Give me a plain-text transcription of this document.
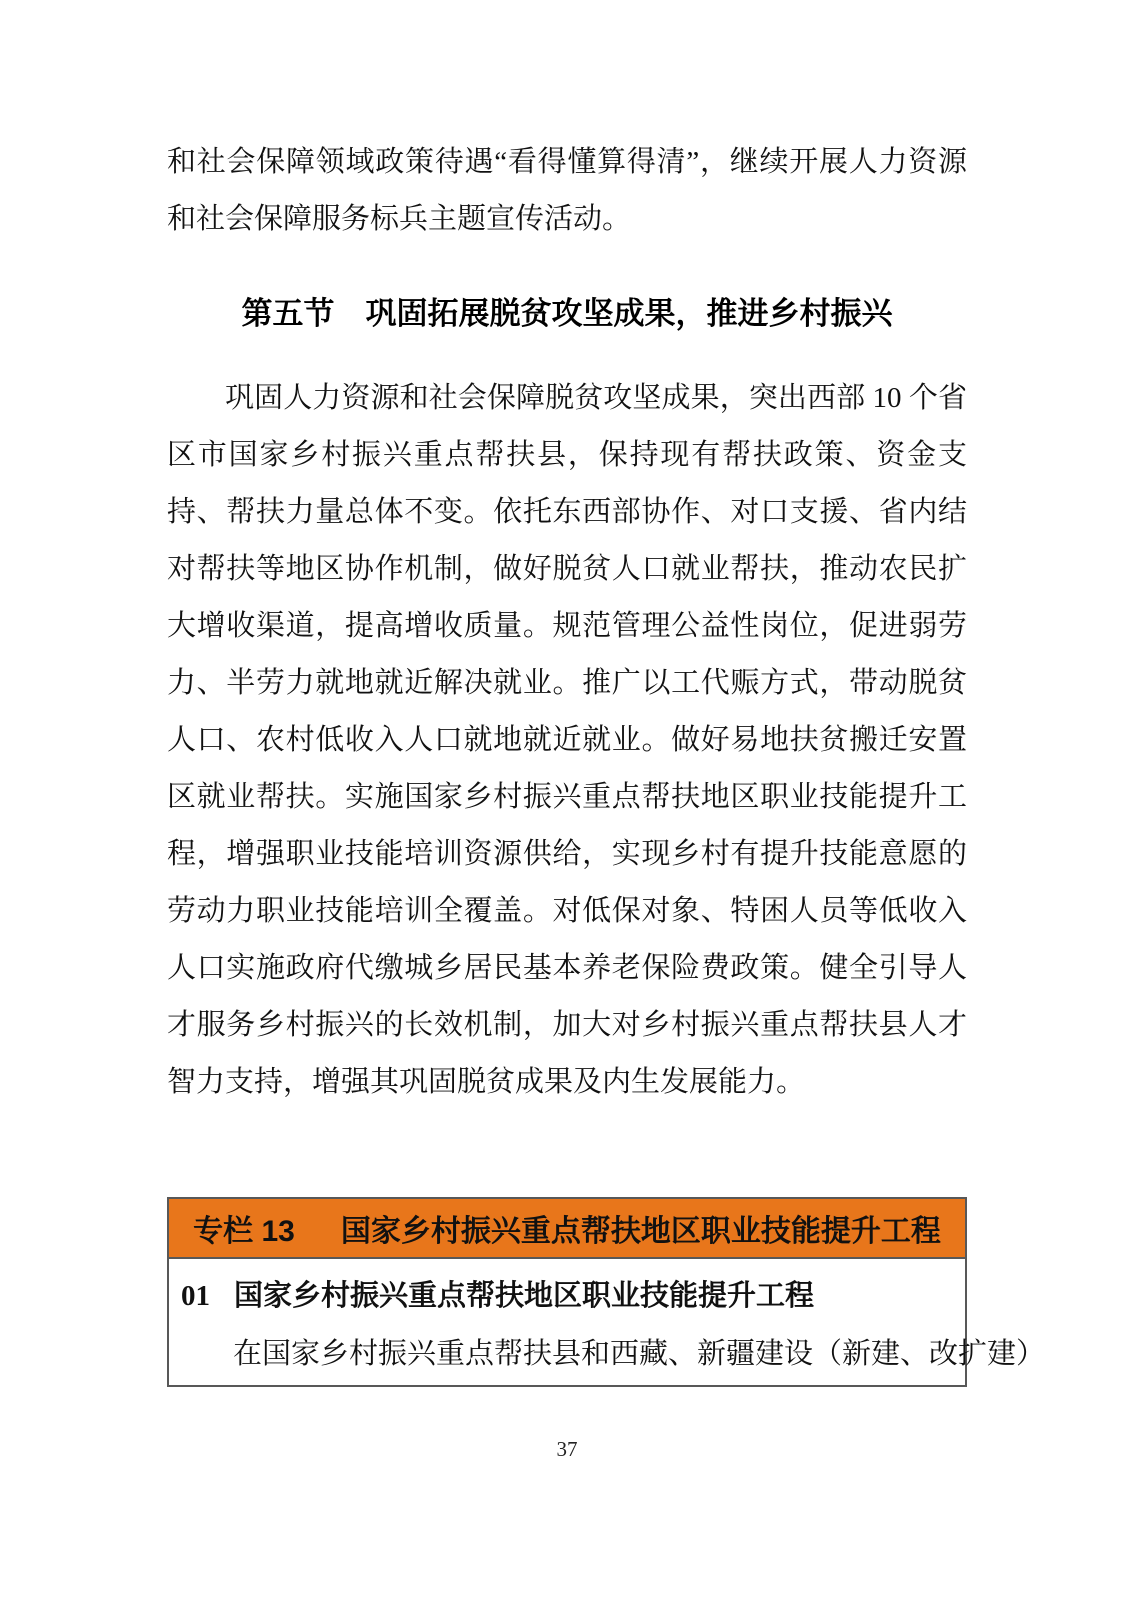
和社会保障领域政策待遇“看得懂算得清”，继续开展人力资源和社会保障服务标兵主题宣传活动。

第五节　巩固拓展脱贫攻坚成果，推进乡村振兴

巩固人力资源和社会保障脱贫攻坚成果，突出西部 10 个省区市国家乡村振兴重点帮扶县，保持现有帮扶政策、资金支持、帮扶力量总体不变。依托东西部协作、对口支援、省内结对帮扶等地区协作机制，做好脱贫人口就业帮扶，推动农民扩大增收渠道，提高增收质量。规范管理公益性岗位，促进弱劳力、半劳力就地就近解决就业。推广以工代赈方式，带动脱贫人口、农村低收入人口就地就近就业。做好易地扶贫搬迁安置区就业帮扶。实施国家乡村振兴重点帮扶地区职业技能提升工程，增强职业技能培训资源供给，实现乡村有提升技能意愿的劳动力职业技能培训全覆盖。对低保对象、特困人员等低收入人口实施政府代缴城乡居民基本养老保险费政策。健全引导人才服务乡村振兴的长效机制，加大对乡村振兴重点帮扶县人才智力支持，增强其巩固脱贫成果及内生发展能力。

专栏 13 国家乡村振兴重点帮扶地区职业技能提升工程
01 国家乡村振兴重点帮扶地区职业技能提升工程
在国家乡村振兴重点帮扶县和西藏、新疆建设（新建、改扩建）
37
